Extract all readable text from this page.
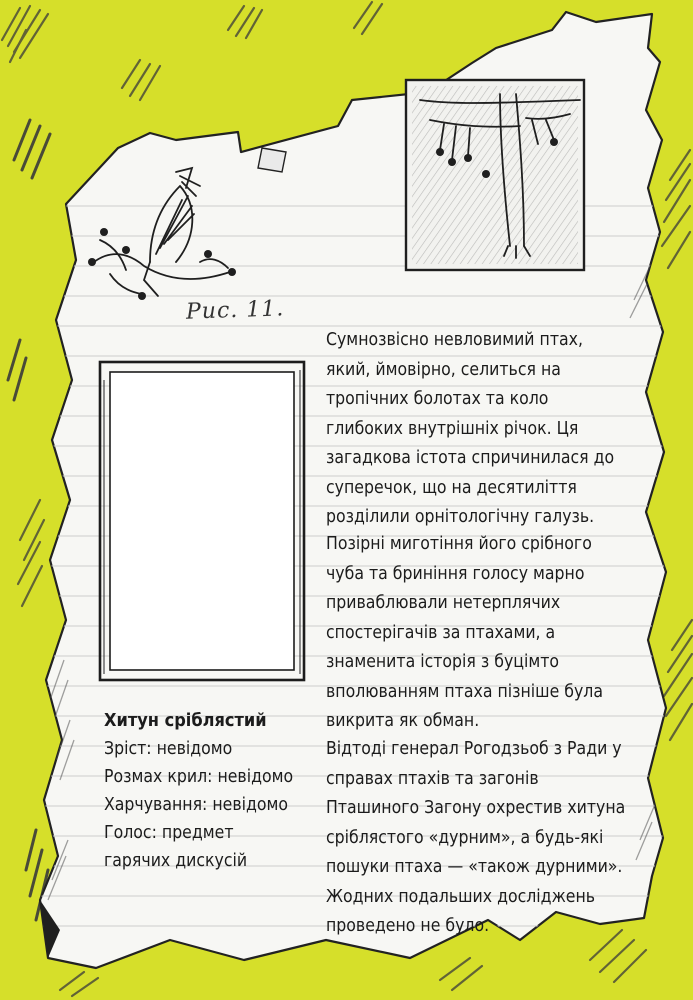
Рис. 11.
Сумнозвісно невловимий птах, який, ймовірно, селиться на тропічних болотах та коло глибоких внутрішніх річок. Ця загадкова істота спричинилася до суперечок, що на десятиліття розділили орнітологічну галузь.
Позірні миготіння його срібного чуба та бриніння голосу марно приваблювали нетерплячих спостерігачів за птахами, а знаменита історія з буцімто вполюванням птаха пізніше була викрита як обман.
Відтоді генерал Рогодзьоб з Ради у справах птахів та загонів Пташиного Загону охрестив хитуна сріблястого «дурним», а будь-які пошуки птаха — «також дурними». Жодних подальших досліджень проведено не було.
Хитун сріблястий
Зріст: невідомо
Розмах крил: невідомо
Харчування: невідомо
Голос: предмет
гарячих дискусій
